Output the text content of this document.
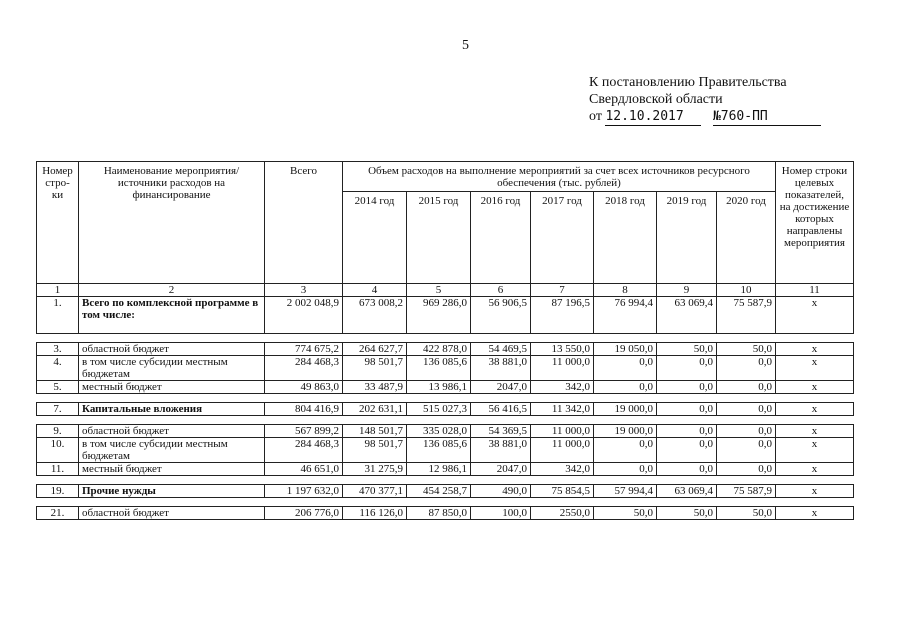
5
К постановлению Правительства
Свердловской области
от 12.10.2017 №760-ПП
Номер стро-ки	Наименование мероприятия/источники расходов на финансирование	Всего	Объем расходов на выполнение мероприятий за счет всех источников ресурсного обеспечения (тыс. рублей)							Номер строки целевых показателей, на достижение которых направлены мероприятия
			2014 год	2015 год	2016 год	2017 год	2018 год	2019 год	2020 год	
1	2	3	4	5	6	7	8	9	10	11
1.	Всего по комплексной программе в том числе:	2 002 048,9	673 008,2	969 286,0	56 906,5	87 196,5	76 994,4	63 069,4	75 587,9	x

3.	областной бюджет	774 675,2	264 627,7	422 878,0	54 469,5	13 550,0	19 050,0	50,0	50,0	x
4.	в том числе субсидии местным бюджетам	284 468,3	98 501,7	136 085,6	38 881,0	11 000,0	0,0	0,0	0,0	x
5.	местный бюджет	49 863,0	33 487,9	13 986,1	2047,0	342,0	0,0	0,0	0,0	x

7.	Капитальные вложения	804 416,9	202 631,1	515 027,3	56 416,5	11 342,0	19 000,0	0,0	0,0	x

9.	областной бюджет	567 899,2	148 501,7	335 028,0	54 369,5	11 000,0	19 000,0	0,0	0,0	x
10.	в том числе субсидии местным бюджетам	284 468,3	98 501,7	136 085,6	38 881,0	11 000,0	0,0	0,0	0,0	x
11.	местный бюджет	46 651,0	31 275,9	12 986,1	2047,0	342,0	0,0	0,0	0,0	x

19.	Прочие нужды	1 197 632,0	470 377,1	454 258,7	490,0	75 854,5	57 994,4	63 069,4	75 587,9	x

21.	областной бюджет	206 776,0	116 126,0	87 850,0	100,0	2550,0	50,0	50,0	50,0	x
